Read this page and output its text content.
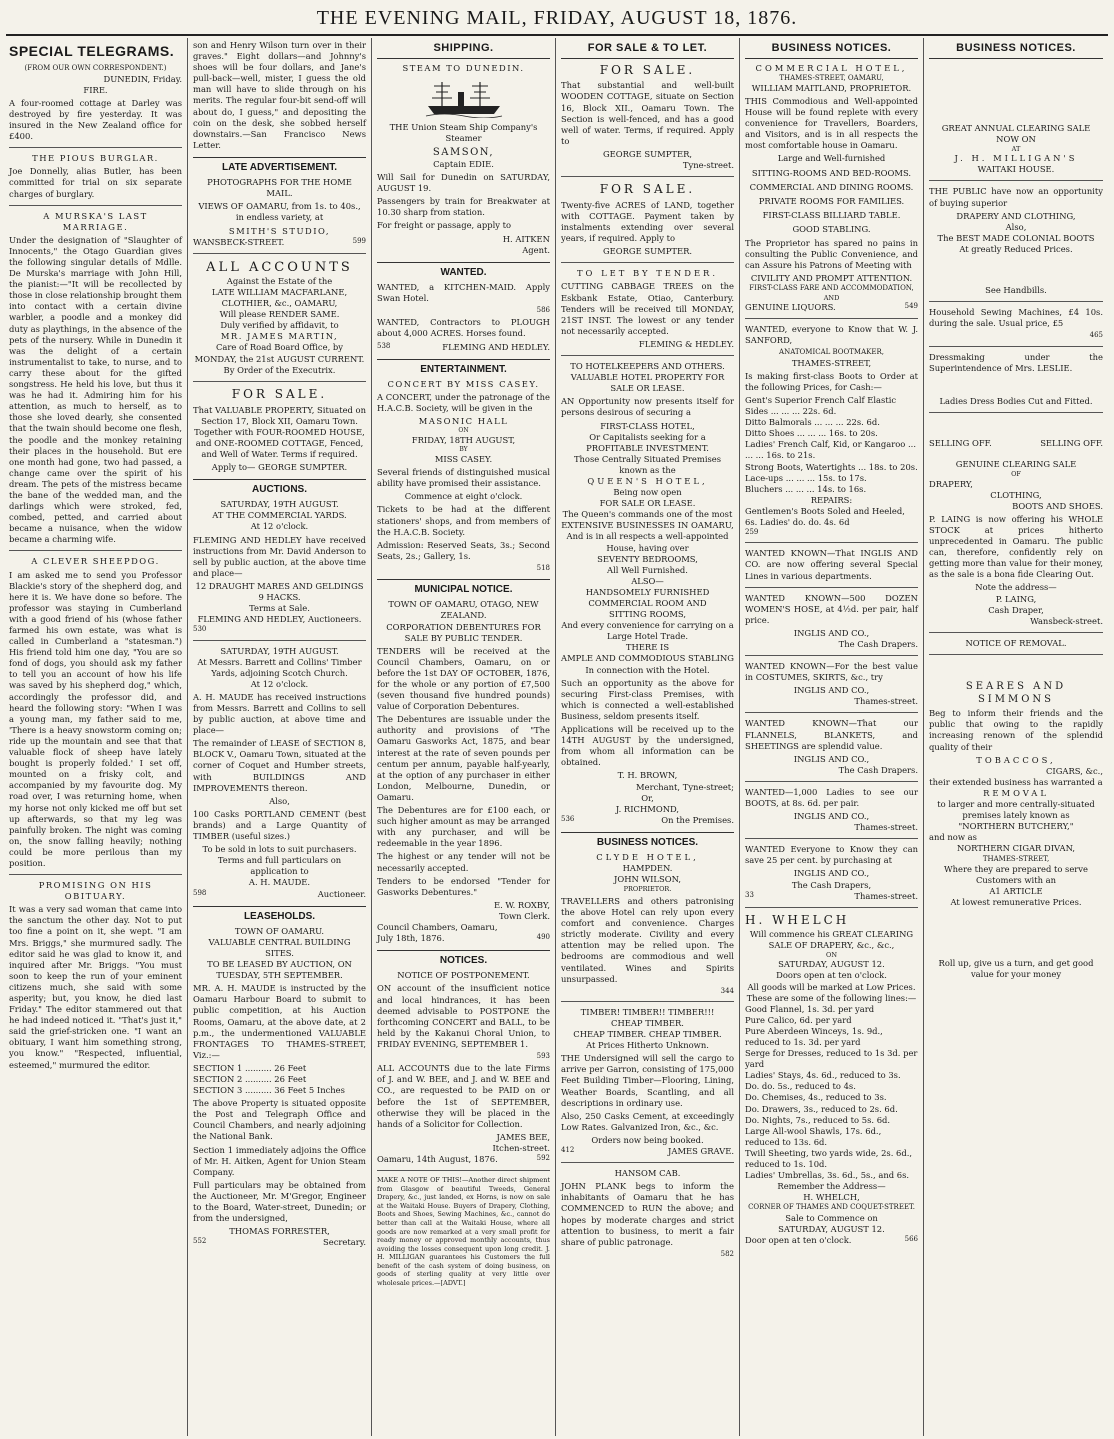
THE EVENING MAIL, FRIDAY, AUGUST 18, 1876.
SPECIAL TELEGRAMS.
(FROM OUR OWN CORRESPONDENT.)
DUNEDIN, Friday.
FIRE.

A four-roomed cottage at Darley was destroyed by fire yesterday. It was insured in the New Zealand office for £400.

THE PIOUS BURGLAR.

Joe Donnelly, alias Butler, has been committed for trial on six separate charges of burglary.

A MURSKA'S LAST MARRIAGE.

Under the designation of "Slaughter of Innocents," the Otago Guardian gives the following singular details of Mdlle. De Murska's marriage with John Hill, the pianist:—"It will be recollected by those in close relationship brought them into contact with a certain divine warbler, a poodle and a monkey did duty as playthings, in the absence of the pets of the nursery. While in Dunedin it was the delight of a certain instrumentalist to take, to nurse, and to carry these about for the gifted songstress. He held his love, but thus it was he had it. Admiring him for his attention, as much to herself, as to those she loved dearly, she consented that the twain should become one flesh, the poodle and the monkey retaining their places in the household. But ere one month had gone, two had passed, a change came over the spirit of his dream. The pets of the mistress became the bane of the wedded man, and the darlings which were stroked, fed, combed, petted, and carried about became a nuisance, when the widow became a charming wife.

A CLEVER SHEEPDOG.

I am asked me to send you Professor Blackie's story of the shepherd dog, and here it is. We have done so before. The professor was staying in Cumberland with a good friend of his (whose father farmed his own estate, was what is called in Cumberland a "statesman.") His friend told him one day, "You are so fond of dogs, you should ask my father to tell you an account of how his life was saved by his shepherd dog," which, accordingly the professor did, and heard the following story: "When I was a young man, my father said to me, 'There is a heavy snowstorm coming on; ride up the mountain and see that that valuable flock of sheep have lately bought is properly folded.' I set off, mounted on a frisky colt, and accompanied by my favourite dog. My road over, I was returning home, when my horse not only kicked me off but set up afterwards, so that my leg was painfully broken. The night was coming on, the snow falling heavily; nothing could be more perilous than my position.

PROMISING ON HIS OBITUARY.

It was a very sad woman that came into the sanctum the other day. Not to put too fine a point on it, she wept. "I am Mrs. Briggs," she murmured sadly. The editor said he was glad to know it, and inquired after Mr. Briggs. "You must soon to keep the run of your eminent citizens much, she said with some asperity; but, you know, he died last Friday." The editor stammered out that he had indeed noticed it. "That's just it," said the grief-stricken one. "I want an obituary, I want him something strong, you know." "Respected, influential, esteemed," murmured the editor.

son and Henry Wilson turn over in their graves." Eight dollars—and Johnny's shoes will be four dollars, and Jane's pull-back—well, mister, I guess the old man will have to slide through on his merits. The regular four-bit send-off will about do, I guess," and depositing the coin on the desk, she sobbed herself downstairs.—San Francisco News Letter.

LATE ADVERTISEMENT.
PHOTOGRAPHS FOR THE HOME MAIL.

VIEWS OF OAMARU, from 1s. to 40s., in endless variety, at

SMITH'S STUDIO,
WANSBECK-STREET.	599
ALL ACCOUNTS
Against the Estate of the
LATE WILLIAM MACFARLANE,
CLOTHIER, &c., OAMARU,
Will please RENDER SAME.
Duly verified by affidavit, to
MR. JAMES MARTIN,
Care of Road Board Office, by
MONDAY, the 21st AUGUST CURRENT.
By Order of the Executrix.
FOR SALE.

That VALUABLE PROPERTY, Situated on Section 17, Block XII, Oamaru Town. Together with FOUR-ROOMED HOUSE, and ONE-ROOMED COTTAGE, Fenced, and Well of Water. Terms if required.

Apply to— GEORGE SUMPTER.
AUCTIONS.
SATURDAY, 19TH AUGUST.
AT THE COMMERCIAL YARDS.
At 12 o'clock.

FLEMING AND HEDLEY have received instructions from Mr. David Anderson to sell by public auction, at the above time and place—

12 DRAUGHT MARES AND GELDINGS 9 HACKS.
Terms at Sale.
FLEMING AND HEDLEY, Auctioneers.
530
SATURDAY, 19TH AUGUST.
At Messrs. Barrett and Collins' Timber Yards, adjoining Scotch Church.
At 12 o'clock.

A. H. MAUDE has received instructions from Messrs. Barrett and Collins to sell by public auction, at above time and place—

The remainder of LEASE of SECTION 8, BLOCK V., Oamaru Town, situated at the corner of Coquet and Humber streets, with BUILDINGS AND IMPROVEMENTS thereon.

Also,

100 Casks PORTLAND CEMENT (best brands) and a Large Quantity of TIMBER (useful sizes.)

To be sold in lots to suit purchasers.
Terms and full particulars on application to
A. H. MAUDE.
598	Auctioneer.
LEASEHOLDS.
TOWN OF OAMARU.
VALUABLE CENTRAL BUILDING SITES.
TO BE LEASED BY AUCTION, ON TUESDAY, 5TH SEPTEMBER.

MR. A. H. MAUDE is instructed by the Oamaru Harbour Board to submit to public competition, at his Auction Rooms, Oamaru, at the above date, at 2 p.m., the undermentioned VALUABLE FRONTAGES TO THAMES-STREET, Viz.:—

SECTION 1 .......... 26 Feet
SECTION 2 .......... 26 Feet
SECTION 3 .......... 36 Feet 5 Inches

The above Property is situated opposite the Post and Telegraph Office and Council Chambers, and nearly adjoining the National Bank.

Section 1 immediately adjoins the Office of Mr. H. Aitken, Agent for Union Steam Company.

Full particulars may be obtained from the Auctioneer, Mr. M'Gregor, Engineer to the Board, Water-street, Dunedin; or from the undersigned,

THOMAS FORRESTER,
552	Secretary.
SHIPPING.
STEAM TO DUNEDIN.

THE Union Steam Ship Company's Steamer

SAMSON,
Captain EDIE.

Will Sail for Dunedin on SATURDAY, AUGUST 19.

Passengers by train for Breakwater at 10.30 sharp from station.

For freight or passage, apply to

H. AITKEN
Agent.
WANTED.

WANTED, a KITCHEN-MAID. Apply Swan Hotel.

586

WANTED, Contractors to PLOUGH about 4,000 ACRES. Horses found.

538	FLEMING AND HEDLEY.
ENTERTAINMENT.
CONCERT BY MISS CASEY.

A CONCERT, under the patronage of the H.A.C.B. Society, will be given in the

MASONIC HALL
ON
FRIDAY, 18TH AUGUST,
BY
MISS CASEY.

Several friends of distinguished musical ability have promised their assistance.

Commence at eight o'clock.

Tickets to be had at the different stationers' shops, and from members of the H.A.C.B. Society.

Admission: Reserved Seats, 3s.; Second Seats, 2s.; Gallery, 1s.

518
MUNICIPAL NOTICE.
TOWN OF OAMARU, OTAGO, NEW ZEALAND.
CORPORATION DEBENTURES FOR SALE BY PUBLIC TENDER.

TENDERS will be received at the Council Chambers, Oamaru, on or before the 1st DAY OF OCTOBER, 1876, for the whole or any portion of £7,500 (seven thousand five hundred pounds) value of Corporation Debentures.

The Debentures are issuable under the authority and provisions of "The Oamaru Gasworks Act, 1875, and bear interest at the rate of seven pounds per centum per annum, payable half-yearly, at the option of any purchaser in either London, Melbourne, Dunedin, or Oamaru.

The Debentures are for £100 each, or such higher amount as may be arranged with any purchaser, and will be redeemable in the year 1896.

The highest or any tender will not be necessarily accepted.

Tenders to be endorsed "Tender for Gasworks Debentures."

E. W. ROXBY,
Town Clerk.
Council Chambers, Oamaru,
July 18th, 1876.	490
NOTICES.
NOTICE OF POSTPONEMENT.

ON account of the insufficient notice and local hindrances, it has been deemed advisable to POSTPONE the forthcoming CONCERT and BALL, to be held by the Kakanui Choral Union, to FRIDAY EVENING, SEPTEMBER 1.

593

ALL ACCOUNTS due to the late Firms of J. and W. BEE, and J. and W. BEE and CO., are requested to be PAID on or before the 1st of SEPTEMBER, otherwise they will be placed in the hands of a Solicitor for Collection.

JAMES BEE,
Itchen-street.
Oamaru, 14th August, 1876.	592

MAKE A NOTE OF THIS!—Another direct shipment from Glasgow of beautiful Tweeds, General Drapery, &c., just landed, ex Horns, is now on sale at the Waitaki House. Buyers of Drapery, Clothing, Boots and Shoes, Sewing Machines, &c., cannot do better than call at the Waitaki House, where all goods are now remarked at a very small profit for ready money or approved monthly accounts, thus avoiding the losses consequent upon long credit. J. H. MILLIGAN guarantees his Customers the full benefit of the cash system of doing business, on goods of sterling quality at very little over wholesale prices.—[ADVT.]

FOR SALE & TO LET.
FOR SALE.

That substantial and well-built WOODEN COTTAGE, situate on Section 16, Block XII., Oamaru Town. The Section is well-fenced, and has a good well of water. Terms, if required. Apply to

GEORGE SUMPTER,
Tyne-street.
FOR SALE.

Twenty-five ACRES of LAND, together with COTTAGE. Payment taken by instalments extending over several years, if required. Apply to

GEORGE SUMPTER.
TO LET BY TENDER.

CUTTING CABBAGE TREES on the Eskbank Estate, Otiao, Canterbury. Tenders will be received till MONDAY, 21ST INST. The lowest or any tender not necessarily accepted.

FLEMING & HEDLEY.
TO HOTELKEEPERS AND OTHERS.
VALUABLE HOTEL PROPERTY FOR SALE OR LEASE.

AN Opportunity now presents itself for persons desirous of securing a

FIRST-CLASS HOTEL,
Or Capitalists seeking for a PROFITABLE INVESTMENT.
Those Centrally Situated Premises known as the
QUEEN'S HOTEL,
Being now open
FOR SALE OR LEASE.
The Queen's commands one of the most
EXTENSIVE BUSINESSES IN OAMARU,
And is in all respects a well-appointed House, having over
SEVENTY BEDROOMS,
All Well Furnished.
ALSO—
HANDSOMELY FURNISHED
COMMERCIAL ROOM AND
SITTING ROOMS,
And every convenience for carrying on a Large Hotel Trade.
THERE IS
AMPLE AND COMMODIOUS STABLING
In connection with the Hotel.

Such an opportunity as the above for securing First-class Premises, with which is connected a well-established Business, seldom presents itself.

Applications will be received up to the 14TH AUGUST by the undersigned, from whom all information can be obtained.

T. H. BROWN,
Merchant, Tyne-street;
Or,
J. RICHMOND,
536	On the Premises.
BUSINESS NOTICES.
CLYDE HOTEL,
HAMPDEN.
JOHN WILSON,
PROPRIETOR.

TRAVELLERS and others patronising the above Hotel can rely upon every comfort and convenience. Charges strictly moderate. Civility and every attention may be relied upon. The bedrooms are commodious and well ventilated. Wines and Spirits unsurpassed.

344
TIMBER! TIMBER!! TIMBER!!!
CHEAP TIMBER.
CHEAP TIMBER. CHEAP TIMBER.
At Prices Hitherto Unknown.

THE Undersigned will sell the cargo to arrive per Garron, consisting of 175,000 Feet Building Timber—Flooring, Lining, Weather Boards, Scantling, and all descriptions in ordinary use.

Also, 250 Casks Cement, at exceedingly Low Rates. Galvanized Iron, &c., &c.

Orders now being booked.
412	JAMES GRAVE.
HANSOM CAB.

JOHN PLANK begs to inform the inhabitants of Oamaru that he has COMMENCED to RUN the above; and hopes by moderate charges and strict attention to business, to merit a fair share of public patronage.

582
BUSINESS NOTICES.
COMMERCIAL HOTEL,
THAMES-STREET, OAMARU,
WILLIAM MAITLAND, PROPRIETOR.

THIS Commodious and Well-appointed House will be found replete with every convenience for Travellers, Boarders, and Visitors, and is in all respects the most comfortable house in Oamaru.

Large and Well-furnished
SITTING-ROOMS AND BED-ROOMS.
COMMERCIAL AND DINING ROOMS.
PRIVATE ROOMS FOR FAMILIES.
FIRST-CLASS BILLIARD TABLE.
GOOD STABLING.

The Proprietor has spared no pains in consulting the Public Convenience, and can Assure his Patrons of Meeting with

CIVILITY AND PROMPT ATTENTION.
FIRST-CLASS FARE AND ACCOMMODATION,
AND
GENUINE LIQUORS.	549

WANTED, everyone to Know that W. J. SANFORD,

ANATOMICAL BOOTMAKER,
THAMES-STREET,

Is making first-class Boots to Order at the following Prices, for Cash:—

Gent's Superior French Calf Elastic Sides ... ... ... 22s. 6d.
Ditto Balmorals ... ... ... 22s. 6d.
Ditto Shoes ... ... ... 16s. to 20s.
Ladies' French Calf, Kid, or Kangaroo ... ... ... 16s. to 21s.
Strong Boots, Watertights ... 18s. to 20s.
Lace-ups ... ... ... 15s. to 17s.
Bluchers ... ... ... 14s. to 16s.
REPAIRS:
Gentlemen's Boots Soled and Heeled, 6s. Ladies' do. do. 4s. 6d
259

WANTED KNOWN—That INGLIS AND CO. are now offering several Special Lines in various departments.

WANTED KNOWN—500 DOZEN WOMEN'S HOSE, at 4½d. per pair, half price.

INGLIS AND CO.,
The Cash Drapers.

WANTED KNOWN—For the best value in COSTUMES, SKIRTS, &c., try

INGLIS AND CO.,
Thames-street.

WANTED KNOWN—That our FLANNELS, BLANKETS, and SHEETINGS are splendid value.

INGLIS AND CO.,
The Cash Drapers.

WANTED—1,000 Ladies to see our BOOTS, at 8s. 6d. per pair.

INGLIS AND CO.,
Thames-street.

WANTED Everyone to Know they can save 25 per cent. by purchasing at

INGLIS AND CO.,
The Cash Drapers,
33	Thames-street.
H. WHELCH
Will commence his GREAT CLEARING SALE OF DRAPERY, &c., &c.,
ON
SATURDAY, AUGUST 12.
Doors open at ten o'clock.
All goods will be marked at Low Prices.
These are some of the following lines:—
Good Flannel, 1s. 3d. per yard
Pure Calico, 6d. per yard
Pure Aberdeen Winceys, 1s. 9d., reduced to 1s. 3d. per yard
Serge for Dresses, reduced to 1s 3d. per yard
Ladies' Stays, 4s. 6d., reduced to 3s.
Do. do. 5s., reduced to 4s.
Do. Chemises, 4s., reduced to 3s.
Do. Drawers, 3s., reduced to 2s. 6d.
Do. Nights, 7s., reduced to 5s. 6d.
Large All-wool Shawls, 17s. 6d., reduced to 13s. 6d.
Twill Sheeting, two yards wide, 2s. 6d., reduced to 1s. 10d.
Ladies' Umbrellas, 3s. 6d., 5s., and 6s.
Remember the Address—
H. WHELCH,
CORNER OF THAMES AND COQUET-STREET.
Sale to Commence on
SATURDAY, AUGUST 12.
Door open at ten o'clock.	566
BUSINESS NOTICES.
GREAT ANNUAL CLEARING SALE
NOW ON
AT
J. H. MILLIGAN'S
WAITAKI HOUSE.

THE PUBLIC have now an opportunity of buying superior

DRAPERY AND CLOTHING,
Also,
The BEST MADE COLONIAL BOOTS
At greatly Reduced Prices.
See Handbills.

Household Sewing Machines, £4 10s. during the sale. Usual price, £5

465

Dressmaking under the Superintendence of Mrs. LESLIE.

Ladies Dress Bodies Cut and Fitted.
SELLING OFF.	SELLING OFF.
GENUINE CLEARING SALE
OF
DRAPERY,
CLOTHING,
BOOTS AND SHOES.

P. LAING is now offering his WHOLE STOCK at prices hitherto unprecedented in Oamaru. The public can, therefore, confidently rely on getting more than value for their money, as the sale is a bona fide Clearing Out.

Note the address—
P. LAING,
Cash Draper,
Wansbeck-street.
NOTICE OF REMOVAL.
SEARES AND SIMMONS

Beg to inform their friends and the public that owing to the rapidly increasing renown of the splendid quality of their

TOBACCOS,
CIGARS, &c.,
their extended business has warranted a
REMOVAL
to larger and more centrally-situated premises lately known as
"NORTHERN BUTCHERY,"
and now as
NORTHERN CIGAR DIVAN,
THAMES-STREET,
Where they are prepared to serve Customers with an
A1 ARTICLE
At lowest remunerative Prices.
Roll up, give us a turn, and get good value for your money
